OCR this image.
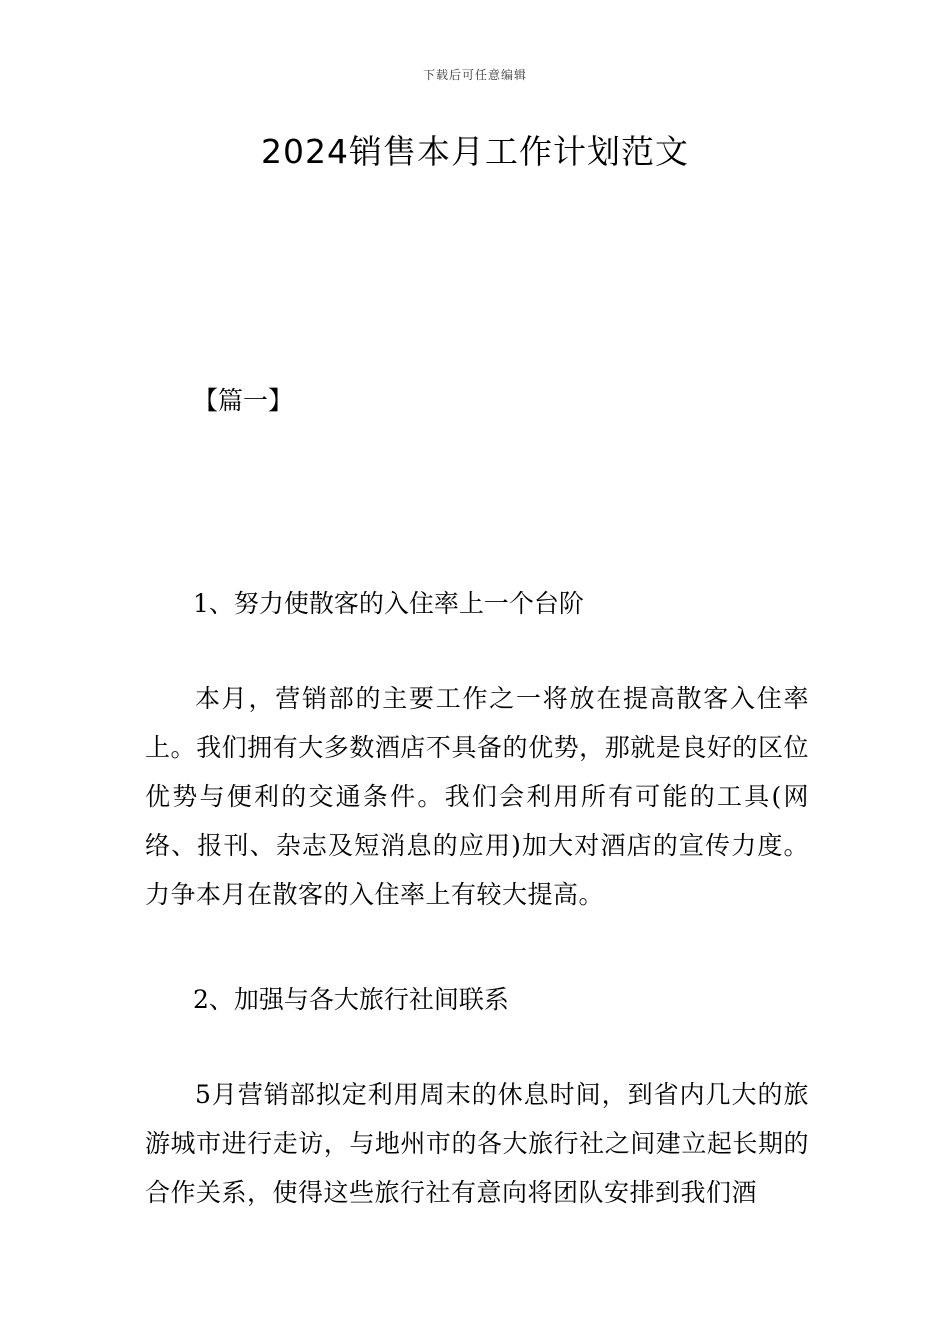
下载后可任意编辑
2024销售本月工作计划范文
【篇一】
1、努力使散客的入住率上一个台阶
本月，营销部的主要工作之一将放在提高散客入住率上。我们拥有大多数酒店不具备的优势，那就是良好的区位优势与便利的交通条件。我们会利用所有可能的工具(网络、报刊、杂志及短消息的应用)加大对酒店的宣传力度。力争本月在散客的入住率上有较大提高。
2、加强与各大旅行社间联系
5月营销部拟定利用周末的休息时间，到省内几大的旅游城市进行走访，与地州市的各大旅行社之间建立起长期的合作关系，使得这些旅行社有意向将团队安排到我们酒
